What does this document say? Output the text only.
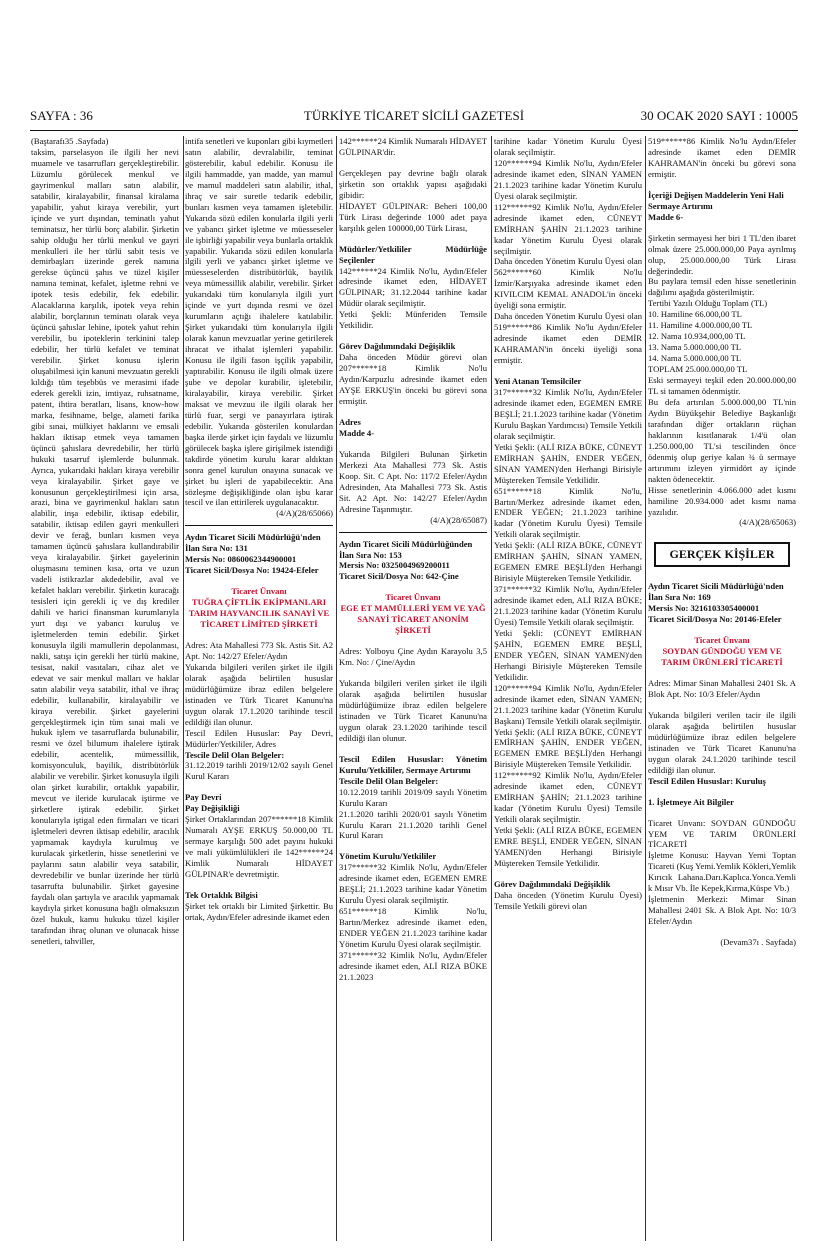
SAYFA : 36	TÜRKİYE TİCARET SİCİLİ GAZETESİ	30 OCAK 2020 SAYI : 10005

(Baştarafı35 .Sayfada)

taksim, parselasyon ile ilgili her nevi muamele ve tasarrufları gerçekleştirebilir. Lüzumlu görülecek menkul ve gayrimenkul malları satın alabilir, satabilir, kiralayabilir, finansal kiralama yapabilir, yahut kiraya verebilir, yurt içinde ve yurt dışından, teminatlı yahut teminatsız, her türlü borç alabilir. Şirketin sahip olduğu her türlü menkul ve gayri menkulleri ile her türlü sabit tesis ve demirbaşları üzerinde gerek namına gerekse üçüncü şahıs ve tüzel kişiler namına teminat, kefalet, işletme rehni ve ipotek tesis edebilir, fek edebilir. Alacaklarına karşılık, ipotek veya rehin alabilir, borçlarının teminatı olarak veya üçüncü şahıslar lehine, ipotek yahut rehin verebilir, bu ipoteklerin terkinini talep edebilir, her türlü kefalet ve teminat verebilir. Şirket konusu işlerin oluşabilmesi için kanuni mevzuatın gerekli kıldığı tüm teşebbüs ve merasimi ifade ederek gerekli izin, imtiyaz, ruhsatname, patent, ihtira beratları, lisans, know-how marka, fesihname, belge, alameti farika gibi sınai, mülkiyet haklarını ve emsali hakları iktisap etmek veya tamamen üçüncü şahıslara devredebilir, her türlü hukuki tasarruf işlemlerde bulunmak. Ayrıca, yukarıdaki hakları kiraya verebilir veya kiralayabilir. Şirket gaye ve konusunun gerçekleştirilmesi için arsa, arazi, bina ve gayrimenkul hakları satın alabilir, inşa edebilir, iktisap edebilir, satabilir, iktisap edilen gayri menkulleri devir ve ferağ, bunları kısmen veya tamamen üçüncü şahıslara kullandırabilir veya kiralayabilir. Şirket gayelerinin oluşmasını teminen kısa, orta ve uzun vadeli istikrazlar akdedebilir, aval ve kefalet hakları verebilir. Şirketin kuracağı tesisleri için gerekli iç ve dış krediler dahili ve harici finansman kurumlarıyla yurt dışı ve yabancı kuruluş ve işletmelerden temin edebilir. Şirket konusuyla ilgili mamullerin depolanması, nakli, satışı için gerekli her türlü makine, tesisat, nakil vasıtaları, cihaz alet ve edevat ve sair menkul malları ve haklar satın alabilir veya satabilir, ithal ve ihraç edebilir, kullanabilir, kiralayabilir ve kiraya verebilir. Şirket gayelerini gerçekleştirmek için tüm sınai mali ve hukuk işlem ve tasarruflarda bulunabilir, resmi ve özel bilumum ihalelere iştirak edebilir, acentelik, mümessillik, komisyonculuk, bayilik, distribütörlük alabilir ve verebilir. Şirket konusuyla ilgili olan şirket kurabilir, ortaklık yapabilir, mevcut ve ileride kurulacak iştirme ve şirketlere iştirak edebilir. Şirket konularıyla iştigal eden firmaları ve ticari işletmeleri devren iktisap edebilir, aracılık yapmamak kaydıyla kurulmuş ve kurulacak şirketlerin, hisse senetlerini ve paylarını satın alabilir veya satabilir, devredebilir ve bunlar üzerinde her türlü tasarrufta bulunabilir. Şirket gayesine faydalı olan şartıyla ve aracılık yapmamak kaydıyla şirket konusuna bağlı olmaksızın özel hukuk, kamu hukuku tüzel kişiler tarafından ihraç olunan ve olunacak hisse senetleri, tahviller,

intifa senetleri ve kuponları gibi kıymetleri satın alabilir, devralabilir, teminat gösterebilir, kabul edebilir. Konusu ile ilgili hammadde, yan madde, yan mamul ve mamul maddeleri satın alabilir, ithal, ihraç ve sair suretle tedarik edebilir, bunları kısmen veya tamamen işletebilir. Yukarıda sözü edilen konularla ilgili yerli ve yabancı şirket işletme ve müesseseler ile işbirliği yapabilir veya bunlarla ortaklık yapabilir. Yukarıda sözü edilen konularla ilgili yerli ve yabancı şirket işletme ve müesseselerden distribütörlük, bayilik veya mümessillik alabilir, verebilir. Şirket yukarıdaki tüm konularıyla ilgili yurt içinde ve yurt dışında resmi ve özel kurumların açtığı ihalelere katılabilir. Şirket yukarıdaki tüm konularıyla ilgili olarak kanun mevzuatlar yerine getirilerek ihracat ve ithalat işlemleri yapabilir. Konusu ile ilgili fason işçilik yapabilir, yaptırabilir. Konusu ile ilgili olmak üzere şube ve depolar kurabilir, işletebilir, kiralayabilir, kiraya verebilir. Şirket maksat ve mevzuu ile ilgili olarak her türlü fuar, sergi ve panayırlara iştirak edebilir. Yukarıda gösterilen konulardan başka ilerde şirket için faydalı ve lüzumlu görülecek başka işlere girişilmek istendiği takdirde yönetim kurulu karar aldıktan sonra genel kurulun onayına sunacak ve şirket bu işleri de yapabilecektir. Ana sözleşme değişikliğinde olan işbu karar tescil ve ilan ettirilerek uygulanacaktır.

(4/A)(28/65066)

Aydın Ticaret Sicili Müdürlüğü'nden

İlan Sıra No: 131

Mersis No: 0860062344900001

Ticaret Sicil/Dosya No: 19424-Efeler

Ticaret Ünvanı

TUĞRA ÇİFTLİK EKİPMANLARI TARIM HAYVANCILIK SANAYİ VE TİCARET LİMİTED ŞİRKETİ

Adres: Ata Mahallesi 773 Sk. Astis Sit. A2 Apt. No: 142/27 Efeler/Aydın

Yukarıda bilgileri verilen şirket ile ilgili olarak aşağıda belirtilen hususlar müdürlüğümüze ibraz edilen belgelere istinaden ve Türk Ticaret Kanunu'na uygun olarak 17.1.2020 tarihinde tescil edildiği ilan olunur.

Tescil Edilen Hususlar: Pay Devri, Müdürler/Yetkililer, Adres

Tescile Delil Olan Belgeler:

31.12.2019 tarihli 2019/12/02 sayılı Genel Kurul Kararı

Pay Devri

Pay Değişikliği

Şirket Ortaklarından 207******18 Kimlik Numaralı AYŞE ERKUŞ 50.000,00 TL sermaye karşılığı 500 adet payını hukuki ve mali yükümlülükleri ile 142******24 Kimlik Numaralı HİDAYET GÜLPINAR'e devretmiştir.

Tek Ortaklık Bilgisi

Şirket tek ortaklı bir Limited Şirkettir. Bu ortak, Aydın/Efeler adresinde ikamet eden

142******24 Kimlik Numaralı HİDAYET GÜLPINAR'dir.

Gerçekleşen pay devrine bağlı olarak şirketin son ortaklık yapısı aşağıdaki gibidir:

HİDAYET GÜLPINAR: Beheri 100,00 Türk Lirası değerinde 1000 adet paya karşılık gelen 100000,00 Türk Lirası,

Müdürler/Yetkililer Müdürlüğe Seçilenler

142******24 Kimlik No'lu, Aydın/Efeler adresinde ikamet eden, HİDAYET GÜLPINAR; 31.12.2044 tarihine kadar Müdür olarak seçilmiştir.

Yetki Şekli: Münferiden Temsile Yetkilidir.

Görev Dağılımındaki Değişiklik

Daha önceden Müdür görevi olan 207******18 Kimlik No'lu Aydın/Karpuzlu adresinde ikamet eden AYŞE ERKUŞ'in önceki bu görevi sona ermiştir.

Adres

Madde 4-

Yukarıda Bilgileri Bulunan Şirketin Merkezi Ata Mahallesi 773 Sk. Astis Koop. Sit. C Apt. No: 117/2 Efeler/Aydın Adresinden, Ata Mahallesi 773 Sk. Astis Sit. A2 Apt. No: 142/27 Efeler/Aydın Adresine Taşınmıştır.

(4/A)(28/65087)

Aydın Ticaret Sicili Müdürlüğünden

İlan Sıra No: 153

Mersis No: 0325004969200011

Ticaret Sicil/Dosya No: 642-Çine

Ticaret Ünvanı

EGE ET MAMÜLLERİ YEM VE YAĞ SANAYİ TİCARET ANONİM ŞİRKETİ

Adres: Yolboyu Çine Aydın Karayolu 3,5 Km. No: / Çine/Aydın

Yukarıda bilgileri verilen şirket ile ilgili olarak aşağıda belirtilen hususlar müdürlüğümüze ibraz edilen belgelere istinaden ve Türk Ticaret Kanunu'na uygun olarak 23.1.2020 tarihinde tescil edildiği ilan olunur.

Tescil Edilen Hususlar: Yönetim Kurulu/Yetkililer, Sermaye Artırımı

Tescile Delil Olan Belgeler:

10.12.2019 tarihli 2019/09 sayılı Yönetim Kurulu Kararı

21.1.2020 tarihli 2020/01 sayılı Yönetim Kurulu Kararı 21.1.2020 tarihli Genel Kurul Kararı

Yönetim Kurulu/Yetkililer

317******32 Kimlik No'lu, Aydın/Efeler adresinde ikamet eden, EGEMEN EMRE BEŞLİ; 21.1.2023 tarihine kadar Yönetim Kurulu Üyesi olarak seçilmiştir.

651******18 Kimlik No'lu, Bartın/Merkez adresinde ikamet eden, ENDER YEĞEN 21.1.2023 tarihine kadar Yönetim Kurulu Üyesi olarak seçilmiştir.

371******32 Kimlik No'lu, Aydın/Efeler adresinde ikamet eden, ALİ RIZA BÜKE 21.1.2023

tarihine kadar Yönetim Kurulu Üyesi olarak seçilmiştir.

120******94 Kimlik No'lu, Aydın/Efeler adresinde ikamet eden, SİNAN YAMEN 21.1.2023 tarihine kadar Yönetim Kurulu Üyesi olarak seçilmiştir.

112******92 Kimlik No'lu, Aydın/Efeler adresinde ikamet eden, CÜNEYT EMİRHAN ŞAHİN 21.1.2023 tarihine kadar Yönetim Kurulu Üyesi olarak seçilmiştir.

Daha önceden Yönetim Kurulu Üyesi olan 562******60 Kimlik No'lu İzmir/Karşıyaka adresinde ikamet eden KIVILCIM KEMAL ANADOL'in önceki üyeliği sona ermiştir.

Daha önceden Yönetim Kurulu Üyesi olan 519******86 Kimlik No'lu Aydın/Efeler adresinde ikamet eden DEMİR KAHRAMAN'in önceki üyeliği sona ermiştir.

Yeni Atanan Temsilciler

317******32 Kimlik No'lu, Aydın/Efeler adresinde ikamet eden, EGEMEN EMRE BEŞLİ; 21.1.2023 tarihine kadar (Yönetim Kurulu Başkan Yardımcısı) Temsile Yetkili olarak seçilmiştir.

Yetki Şekli: (ALİ RIZA BÜKE, CÜNEYT EMİRHAN ŞAHİN, ENDER YEĞEN, SİNAN YAMEN)'den Herhangi Birisiyle Müştereken Temsile Yetkilidir.

651******18 Kimlik No'lu, Bartın/Merkez adresinde ikamet eden, ENDER YEĞEN; 21.1.2023 tarihine kadar (Yönetim Kurulu Üyesi) Temsile Yetkili olarak seçilmiştir.

Yetki Şekli: (ALİ RIZA BÜKE, CÜNEYT EMİRHAN ŞAHİN, SİNAN YAMEN, EGEMEN EMRE BEŞLİ)'den Herhangi Birisiyle Müştereken Temsile Yetkilidir.

371******32 Kimlik No'lu, Aydın/Efeler adresinde ikamet eden, ALİ RIZA BÜKE; 21.1.2023 tarihine kadar (Yönetim Kurulu Üyesi) Temsile Yetkili olarak seçilmiştir.

Yetki Şekli: (CÜNEYT EMİRHAN ŞAHİN, EGEMEN EMRE BEŞLİ, ENDER YEĞEN, SİNAN YAMEN)'den Herhangi Birisiyle Müştereken Temsile Yetkilidir.

120******94 Kimlik No'lu, Aydın/Efeler adresinde ikamet eden, SİNAN YAMEN; 21.1.2023 tarihine kadar (Yönetim Kurulu Başkanı) Temsile Yetkili olarak seçilmiştir.

Yetki Şekli: (ALİ RIZA BÜKE, CÜNEYT EMİRHAN ŞAHİN, ENDER YEĞEN, EGEMEN EMRE BEŞLİ)'den Herhangi Birisiyle Müştereken Temsile Yetkilidir.

112******92 Kimlik No'lu, Aydın/Efeler adresinde ikamet eden, CÜNEYT EMİRHAN ŞAHİN; 21.1.2023 tarihine kadar (Yönetim Kurulu Üyesi) Temsile Yetkili olarak seçilmiştir.

Yetki Şekli: (ALİ RIZA BÜKE, EGEMEN EMRE BEŞLİ, ENDER YEĞEN, SİNAN YAMEN)'den Herhangi Birisiyle Müştereken Temsile Yetkilidir.

Görev Dağılımındaki Değişiklik

Daha önceden (Yönetim Kurulu Üyesi) Temsile Yetkili görevi olan

519******86 Kimlik No'lu Aydın/Efeler adresinde ikamet eden DEMİR KAHRAMAN'in önceki bu görevi sona ermiştir.

İçeriği Değişen Maddelerin Yeni Hali

Sermaye Artırımı

Madde 6-

Şirketin sermayesi her biri 1 TL'den ibaret olmak üzere 25.000.000,00 Paya ayrılmış olup, 25.000.000,00 Türk Lirası değerindedir.

Bu paylara temsil eden hisse senetlerinin dağılımı aşağıda gösterilmiştir.

Tertibi Yazılı Olduğu Toplam (TL)

10. Hamiline 66.000,00 TL

11. Hamiline 4.000.000,00 TL

12. Nama 10.934,000,00 TL

13. Nama 5.000.000,00 TL

14. Nama 5.000.000,00 TL

TOPLAM 25.000.000,00 TL

Eski sermayeyi teşkil eden 20.000.000,00 TL si tamamen ödenmiştir.

Bu defa artırılan 5.000.000,00 TL'nin Aydın Büyükşehir Belediye Başkanlığı tarafından diğer ortakların rüçhan haklarının kısıtlanarak 1/4'ü olan 1.250.000,00 TL'si tescilinden önce ödenmiş olup geriye kalan ¾ ü sermaye artırımını izleyen yirmidört ay içinde nakten ödenecektir.

Hisse senetlerinin 4.066.000 adet kısmı hamiline 20.934.000 adet kısmı nama yazılıdır.

(4/A)(28/65063)

GERÇEK KİŞİLER

Aydın Ticaret Sicili Müdürlüğü'nden

İlan Sıra No: 169

Mersis No: 3216103305400001

Ticaret Sicil/Dosya No: 20146-Efeler

Ticaret Ünvanı

SOYDAN GÜNDOĞU YEM VE TARIM ÜRÜNLERİ TİCARETİ

Adres: Mimar Sinan Mahallesi 2401 Sk. A Blok Apt. No: 10/3 Efeler/Aydın

Yukarıda bilgileri verilen tacir ile ilgili olarak aşağıda belirtilen hususlar müdürlüğümüze ibraz edilen belgelere istinaden ve Türk Ticaret Kanunu'na uygun olarak 24.1.2020 tarihinde tescil edildiği ilan olunur.

Tescil Edilen Hususlar: Kuruluş

1. İşletmeye Ait Bilgiler

Ticaret Unvanı: SOYDAN GÜNDOĞU YEM VE TARIM ÜRÜNLERİ TİCARETİ

İşletme Konusu: Hayvan Yemi Toptan Ticareti (Kuş Yemi.Yemlik Kökleri,Yemlik Kırıcık Lahana.Darı.Kaplıca.Yonca.Yemli k Mısır Vb. İle Kepek,Kırma,Küspe Vb.)

İşletmenin Merkezi: Mimar Sinan Mahallesi 2401 Sk. A Blok Apt. No: 10/3 Efeler/Aydın

(Devam37ı . Sayfada)
